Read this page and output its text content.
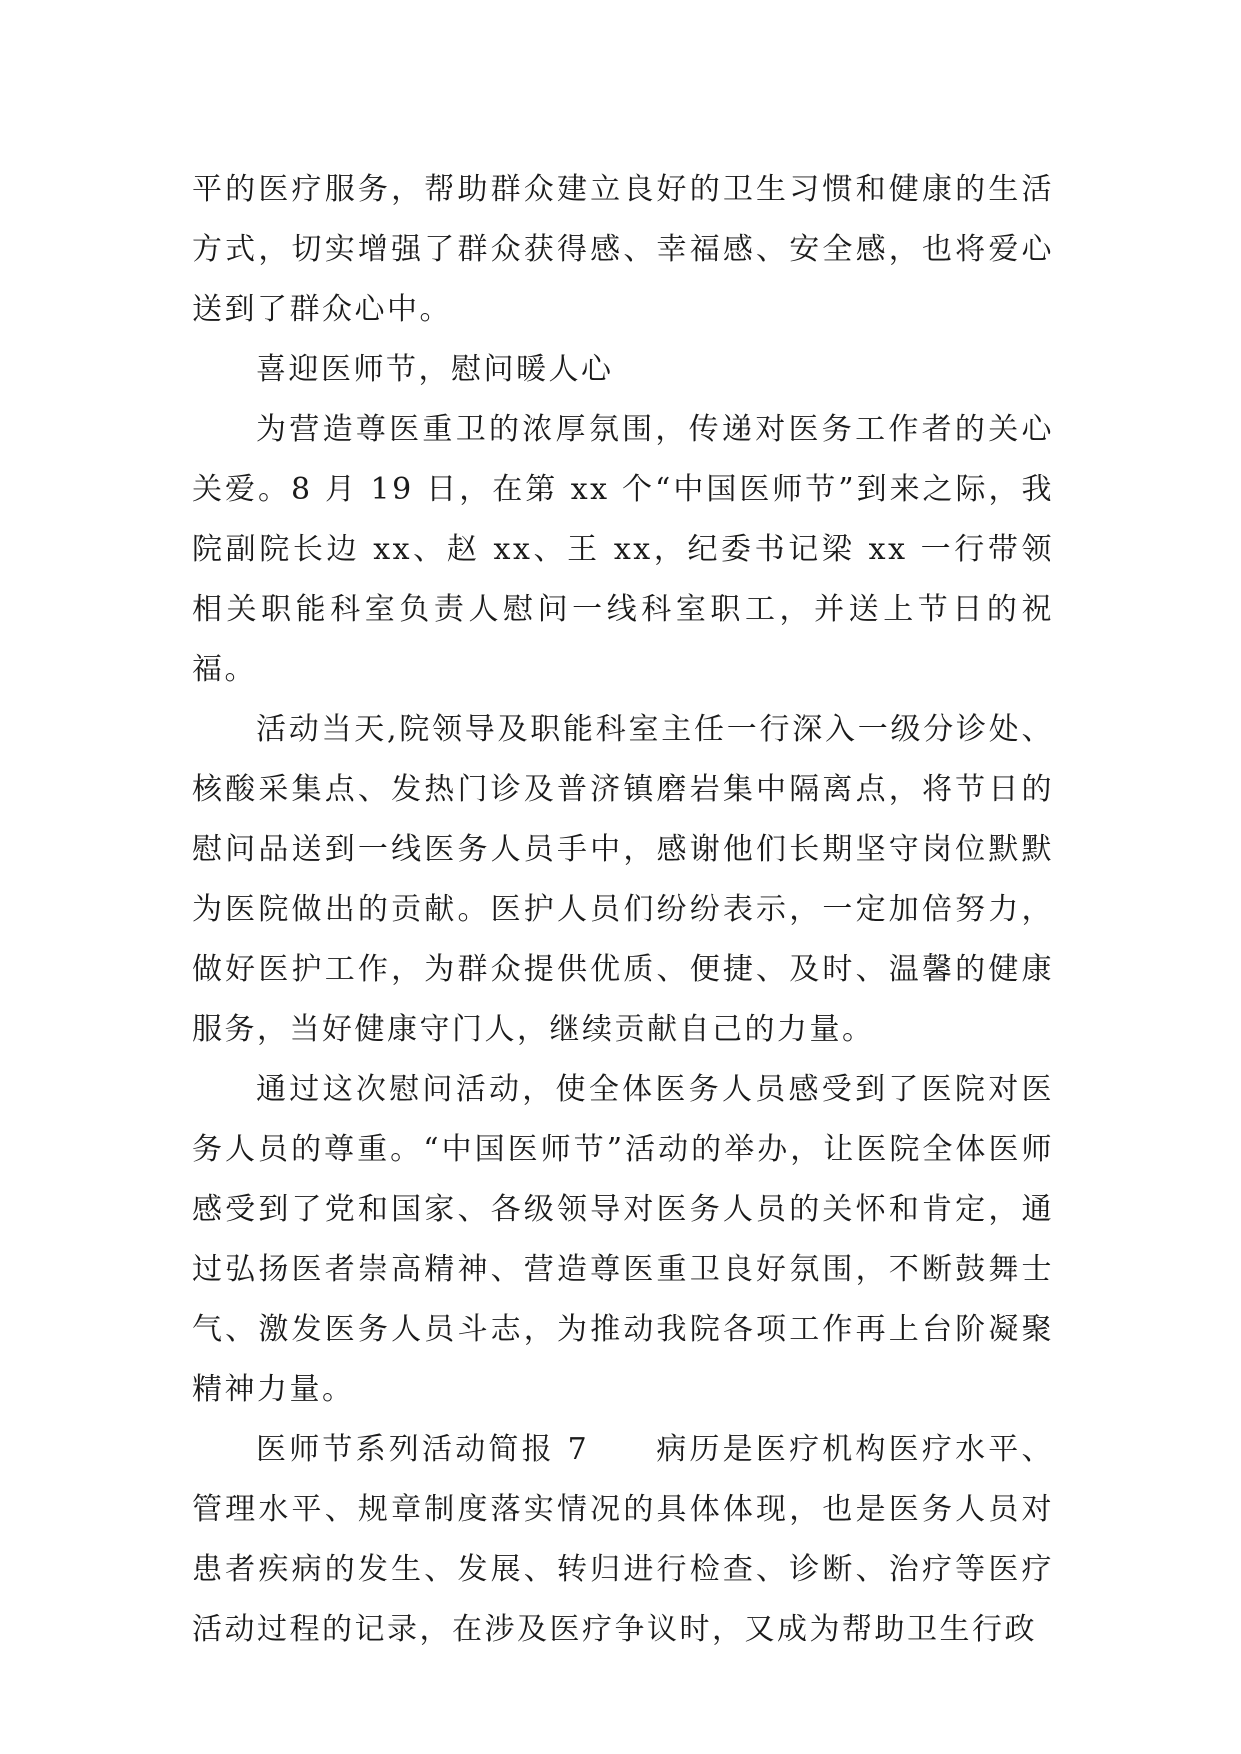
平的医疗服务，帮助群众建立良好的卫生习惯和健康的生活方式，切实增强了群众获得感、幸福感、安全感，也将爱心送到了群众心中。

喜迎医师节，慰问暖人心

为营造尊医重卫的浓厚氛围，传递对医务工作者的关心关爱。8 月 19 日，在第 xx 个“中国医师节”到来之际，我院副院长边 xx、赵 xx、王 xx，纪委书记梁 xx 一行带领相关职能科室负责人慰问一线科室职工，并送上节日的祝福。

活动当天,院领导及职能科室主任一行深入一级分诊处、核酸采集点、发热门诊及普济镇磨岩集中隔离点，将节日的慰问品送到一线医务人员手中，感谢他们长期坚守岗位默默为医院做出的贡献。医护人员们纷纷表示，一定加倍努力，做好医护工作，为群众提供优质、便捷、及时、温馨的健康服务，当好健康守门人，继续贡献自己的力量。

通过这次慰问活动，使全体医务人员感受到了医院对医务人员的尊重。“中国医师节”活动的举办，让医院全体医师感受到了党和国家、各级领导对医务人员的关怀和肯定，通过弘扬医者崇高精神、营造尊医重卫良好氛围，不断鼓舞士气、激发医务人员斗志，为推动我院各项工作再上台阶凝聚精神力量。

医师节系列活动简报 7　　病历是医疗机构医疗水平、管理水平、规章制度落实情况的具体体现，也是医务人员对患者疾病的发生、发展、转归进行检查、诊断、治疗等医疗活动过程的记录，在涉及医疗争议时，又成为帮助卫生行政
